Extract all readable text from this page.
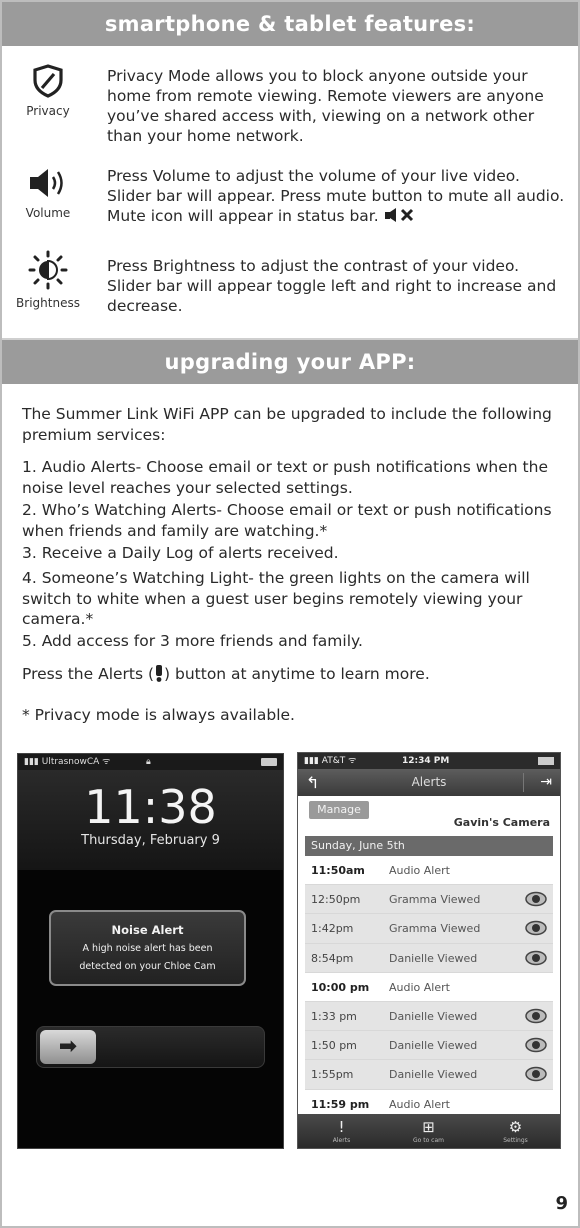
smartphone & tablet features:
Privacy
Privacy Mode allows you to block anyone outside your home from remote viewing. Remote viewers are anyone you’ve shared access with, viewing on a network other than your home network.
Volume
Press Volume to adjust the volume of your live video. Slider bar will appear. Press mute button to mute all audio. Mute icon will appear in status bar.
Brightness
Press Brightness to adjust the contrast of your video. Slider bar will appear toggle left and right to increase and decrease.
upgrading your APP:
The Summer Link WiFi APP can be upgraded to include the following premium services:
1. Audio Alerts- Choose email or text or push notifications when the noise level reaches your selected settings.
2. Who’s Watching Alerts- Choose email or text or push notifications when friends and family are watching.*
3. Receive a Daily Log of alerts received.
4. Someone’s Watching Light- the green lights on the camera will switch to white when a guest user begins remotely viewing your camera.*
5. Add access for 3 more friends and family.
Press the Alerts ( ) button at anytime to learn more.
* Privacy mode is always available.
▮▮▮ UltrasnowCA ᯤ	🔒︎
11:38
Thursday, February 9
Noise Alert
A high noise alert has been
detected on your Chloe Cam
➡
▮▮▮ AT&T ᯤ	12:34 PM
↰	Alerts	⇥
Manage
Gavin's Camera
Sunday, June 5th
11:50am	Audio Alert
12:50pm	Gramma Viewed
1:42pm	Gramma Viewed
8:54pm	Danielle Viewed
10:00 pm	Audio Alert
1:33 pm	Danielle Viewed
1:50 pm	Danielle Viewed
1:55pm	Danielle Viewed
11:59 pm	Audio Alert
!
Alerts
⊞
Go to cam
⚙
Settings
9
